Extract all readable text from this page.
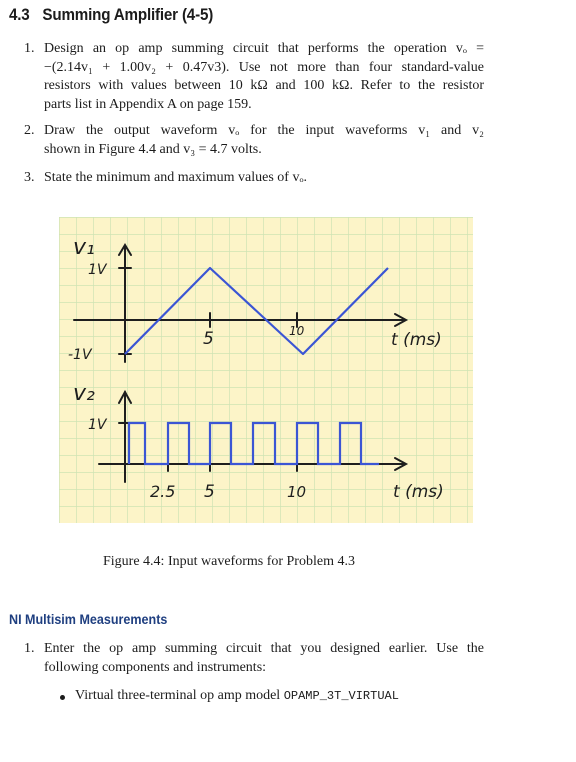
4.3 Summing Amplifier (4-5)
1. Design an op amp summing circuit that performs the operation vₒ =
−(2.14v₁ + 1.00v₂ + 0.47v3). Use not more than four standard-value
resistors with values between 10 kΩ and 100 kΩ. Refer to the resistor
parts list in Appendix A on page 159.
2. Draw the output waveform vₒ for the input waveforms v₁ and v₂
shown in Figure 4.4 and v₃ = 4.7 volts.
3. State the minimum and maximum values of vₒ.
v₁
1V
-1V
5	10	t (ms)
v₂
1V
2.5 5	10	t (ms)
Figure 4.4: Input waveforms for Problem 4.3
NI Multisim Measurements
1. Enter the op amp summing circuit that you designed earlier. Use the
following components and instruments:
Virtual three-terminal op amp model OPAMP_3T_VIRTUAL
